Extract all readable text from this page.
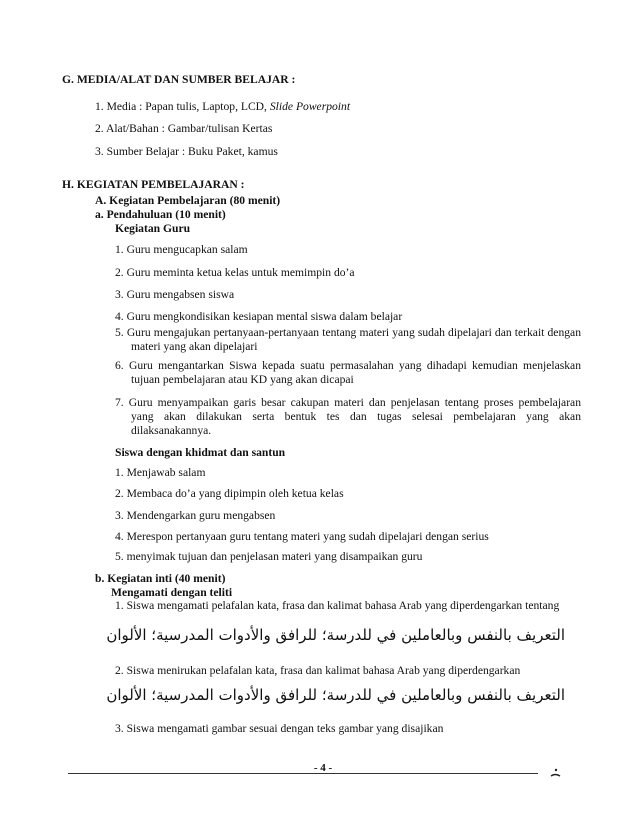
G. MEDIA/ALAT DAN SUMBER BELAJAR :
1. Media : Papan tulis, Laptop, LCD, Slide Powerpoint
2. Alat/Bahan : Gambar/tulisan Kertas
3. Sumber Belajar : Buku Paket, kamus
H. KEGIATAN PEMBELAJARAN :
A. Kegiatan Pembelajaran (80 menit)
a. Pendahuluan (10 menit)
Kegiatan Guru
1. Guru mengucapkan salam
2. Guru meminta ketua kelas untuk memimpin do’a
3. Guru mengabsen siswa
4. Guru mengkondisikan kesiapan mental siswa dalam belajar
5. Guru mengajukan pertanyaan-pertanyaan tentang materi yang sudah dipelajari dan terkait dengan materi yang akan dipelajari
6. Guru mengantarkan Siswa kepada suatu permasalahan yang dihadapi kemudian menjelaskan tujuan pembelajaran atau KD yang akan dicapai
7. Guru menyampaikan garis besar cakupan materi dan penjelasan tentang proses pembelajaran yang akan dilakukan serta bentuk tes dan tugas selesai pembelajaran yang akan dilaksanakannya.
Siswa dengan khidmat dan santun
1. Menjawab salam
2. Membaca do’a yang dipimpin oleh ketua kelas
3. Mendengarkan guru mengabsen
4. Merespon pertanyaan guru tentang materi yang sudah dipelajari dengan serius
5. menyimak tujuan dan penjelasan materi yang disampaikan guru
b. Kegiatan inti (40 menit)
Mengamati dengan teliti
1. Siswa mengamati pelafalan kata, frasa dan kalimat bahasa Arab yang diperdengarkan tentang
التعريف بالنفس وبالعاملين في للدرسة؛ للرافق والأدوات المدرسية؛ الألوان
2. Siswa menirukan pelafalan kata, frasa dan kalimat bahasa Arab yang diperdengarkan
التعريف بالنفس وبالعاملين في للدرسة؛ للرافق والأدوات المدرسية؛ الألوان
3. Siswa mengamati gambar sesuai dengan teks gambar yang disajikan
- 4 -
